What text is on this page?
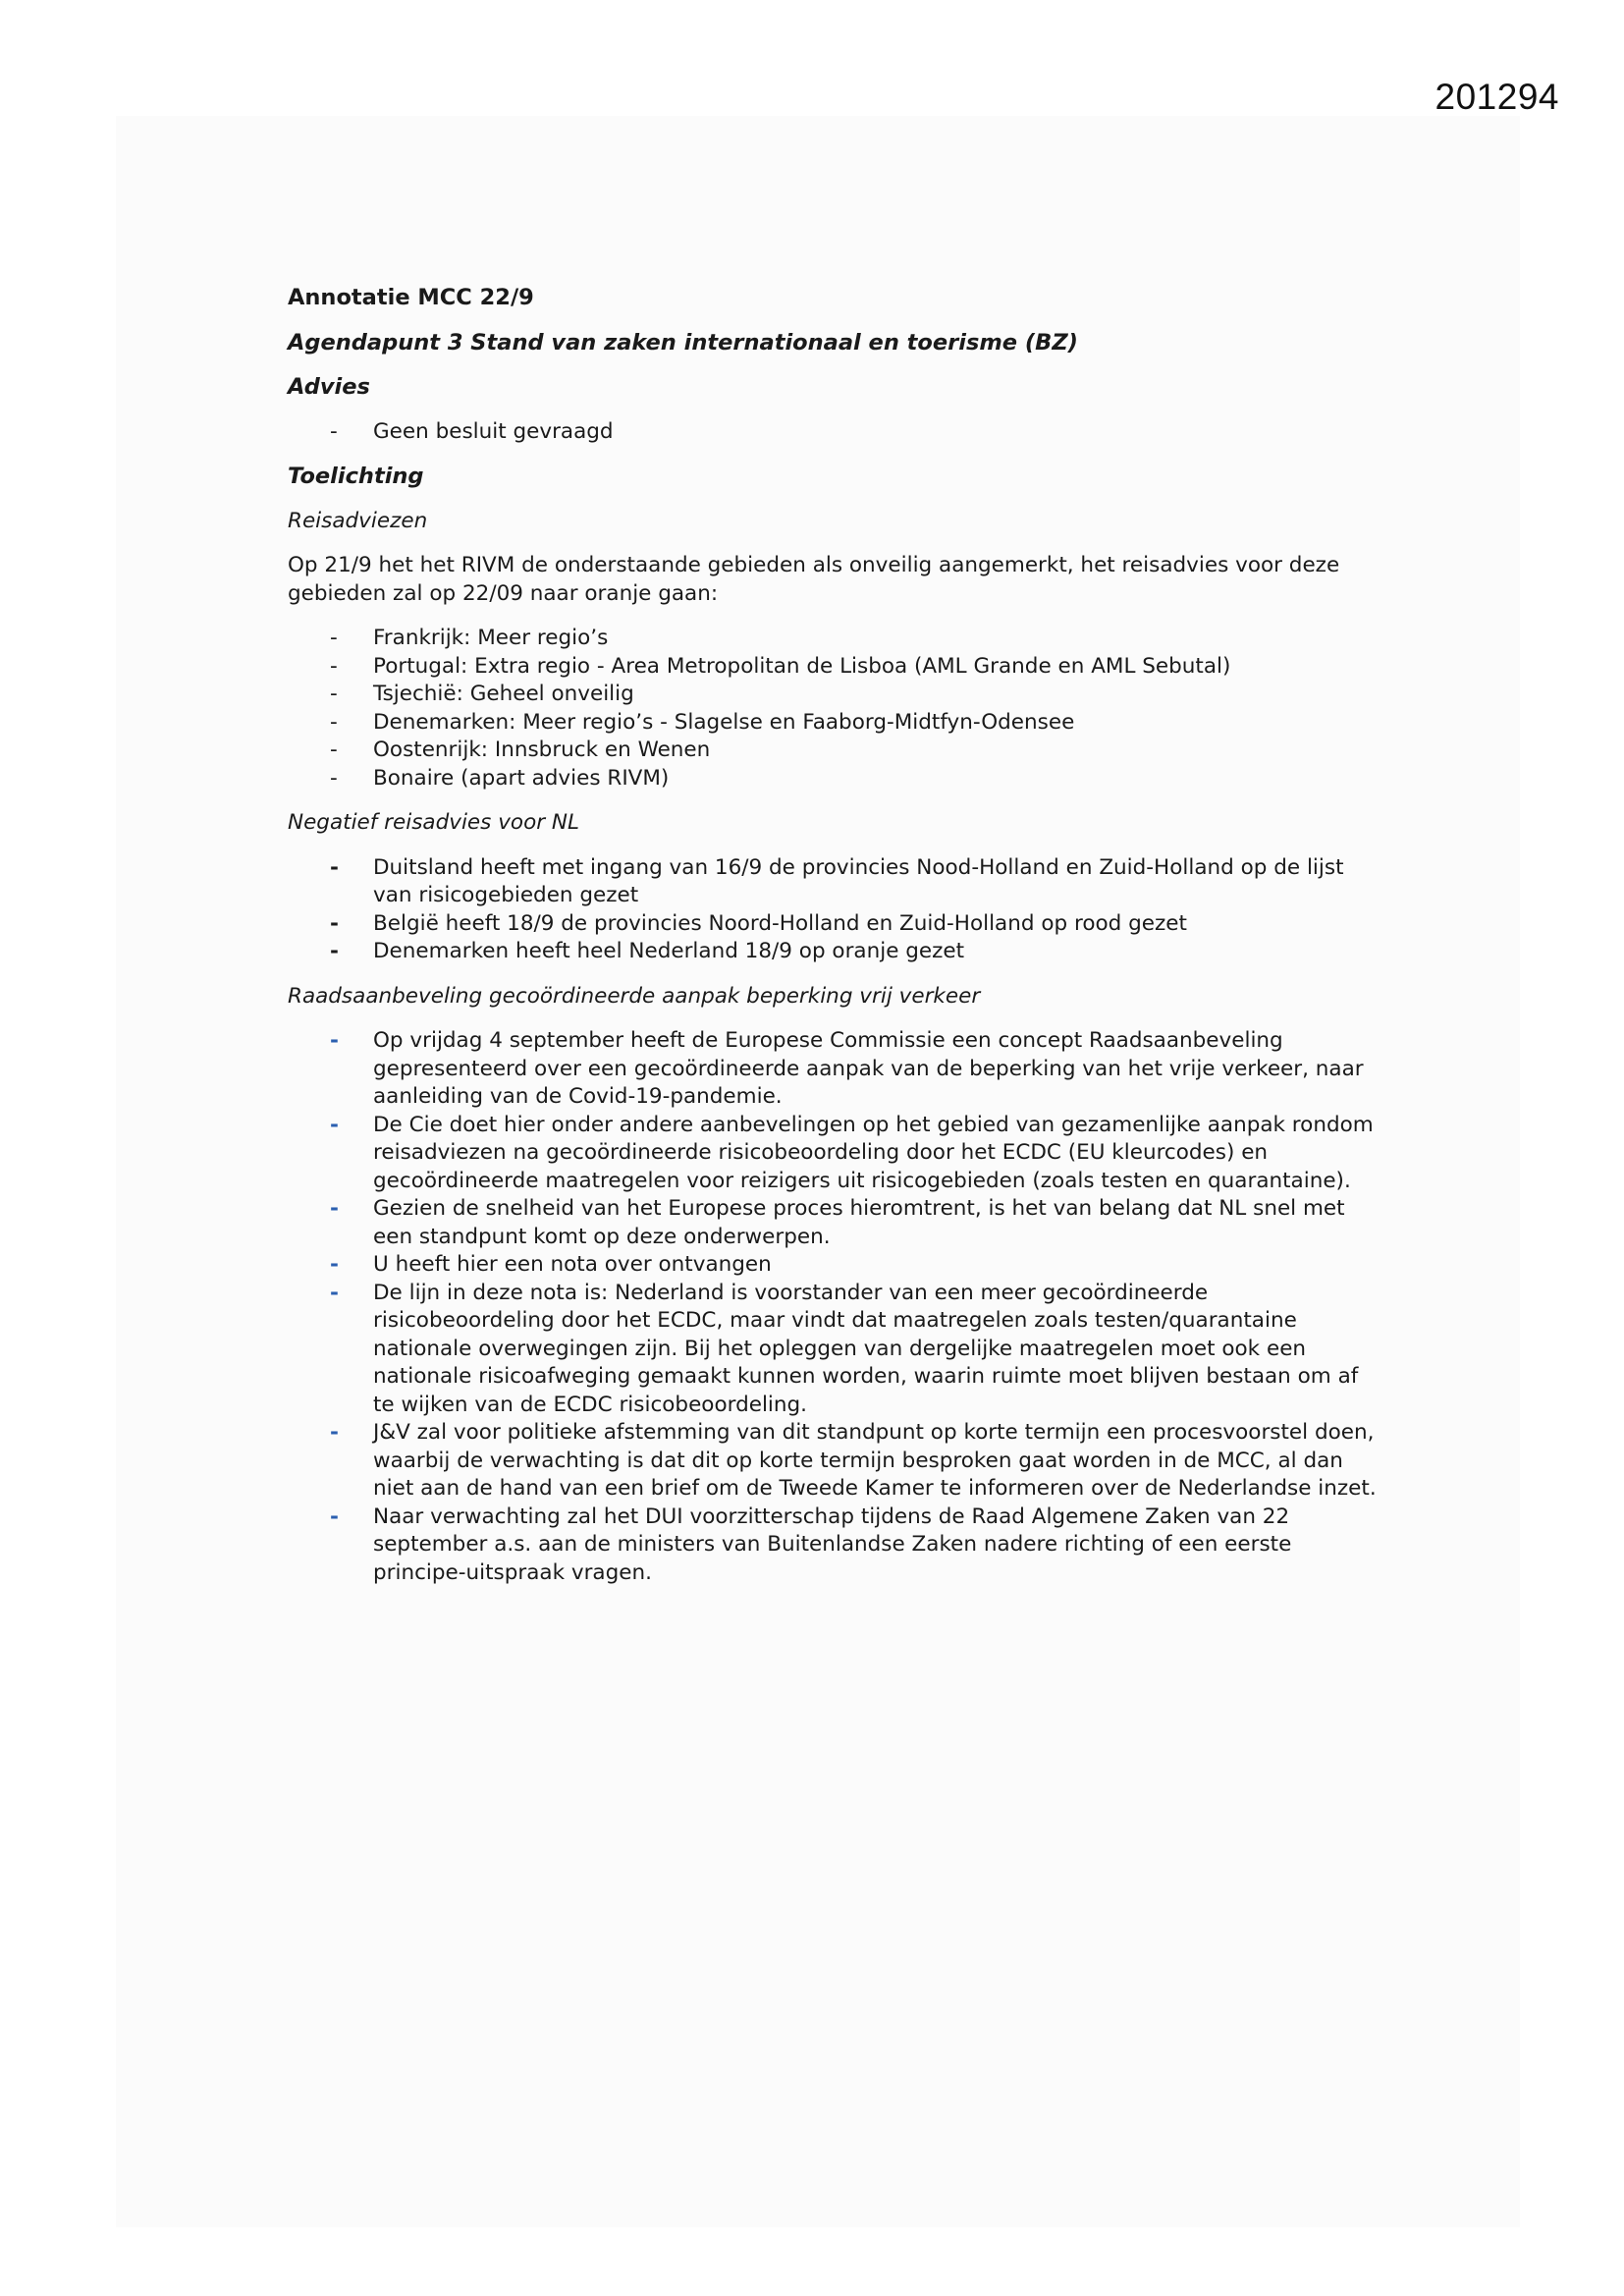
201294
Annotatie MCC 22/9
Agendapunt 3 Stand van zaken internationaal en toerisme (BZ)
Advies
- Geen besluit gevraagd
Toelichting
Reisadviezen
Op 21/9 het het RIVM de onderstaande gebieden als onveilig aangemerkt, het reisadvies voor deze gebieden zal op 22/09 naar oranje gaan:
- Frankrijk: Meer regio’s
- Portugal: Extra regio - Area Metropolitan de Lisboa (AML Grande en AML Sebutal)
- Tsjechië: Geheel onveilig
- Denemarken: Meer regio’s - Slagelse en Faaborg-Midtfyn-Odensee
- Oostenrijk: Innsbruck en Wenen
- Bonaire (apart advies RIVM)
Negatief reisadvies voor NL
- Duitsland heeft met ingang van 16/9 de provincies Nood-Holland en Zuid-Holland op de lijst van risicogebieden gezet
- België heeft 18/9 de provincies Noord-Holland en Zuid-Holland op rood gezet
- Denemarken heeft heel Nederland 18/9 op oranje gezet
Raadsaanbeveling gecoördineerde aanpak beperking vrij verkeer
- Op vrijdag 4 september heeft de Europese Commissie een concept Raadsaanbeveling gepresenteerd over een gecoördineerde aanpak van de beperking van het vrije verkeer, naar aanleiding van de Covid-19-pandemie.
- De Cie doet hier onder andere aanbevelingen op het gebied van gezamenlijke aanpak rondom reisadviezen na gecoördineerde risicobeoordeling door het ECDC (EU kleurcodes) en gecoördineerde maatregelen voor reizigers uit risicogebieden (zoals testen en quarantaine).
- Gezien de snelheid van het Europese proces hieromtrent, is het van belang dat NL snel met een standpunt komt op deze onderwerpen.
- U heeft hier een nota over ontvangen
- De lijn in deze nota is: Nederland is voorstander van een meer gecoördineerde risicobeoordeling door het ECDC, maar vindt dat maatregelen zoals testen/quarantaine nationale overwegingen zijn. Bij het opleggen van dergelijke maatregelen moet ook een nationale risicoafweging gemaakt kunnen worden, waarin ruimte moet blijven bestaan om af te wijken van de ECDC risicobeoordeling.
- J&V zal voor politieke afstemming van dit standpunt op korte termijn een procesvoorstel doen, waarbij de verwachting is dat dit op korte termijn besproken gaat worden in de MCC, al dan niet aan de hand van een brief om de Tweede Kamer te informeren over de Nederlandse inzet.
- Naar verwachting zal het DUI voorzitterschap tijdens de Raad Algemene Zaken van 22 september a.s. aan de ministers van Buitenlandse Zaken nadere richting of een eerste principe-uitspraak vragen.
